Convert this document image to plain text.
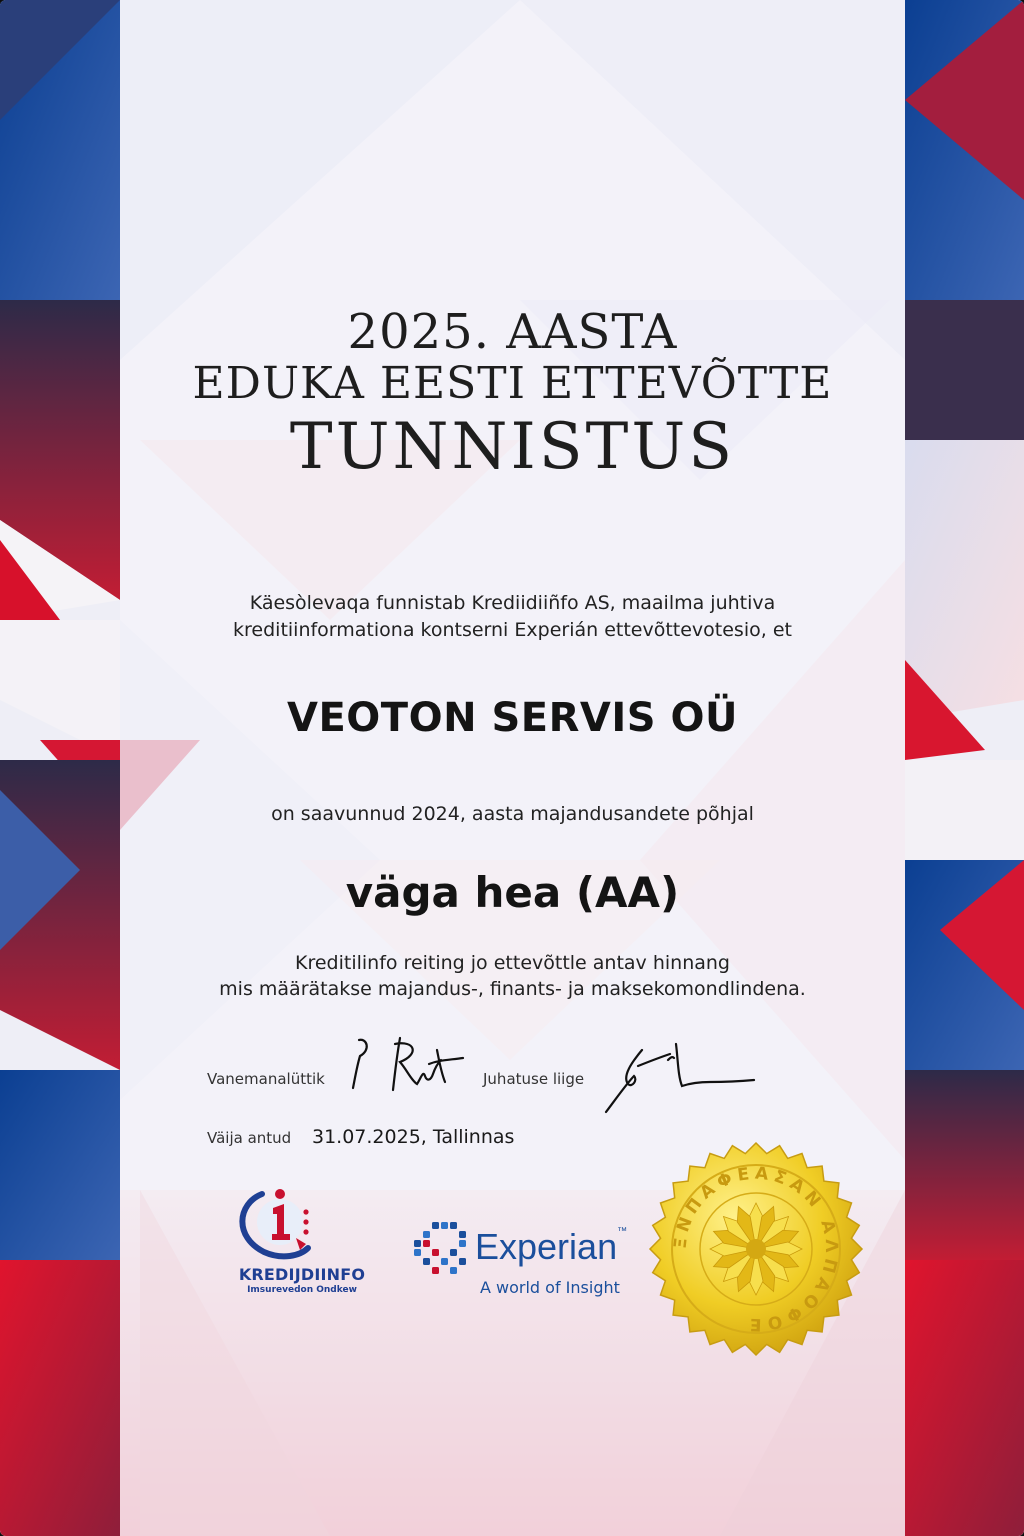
2025. AASTA
EDUKA EESTI ETTEVÕTTE
TUNNISTUS
Käesòlevaqa funnistab Krediidiiñfo AS, maailma juhtiva
kreditiinformationa kontserni Experián ettevõttevotesio, et
VEOTON SERVIS OÜ
on saavunnud 2024, aasta majandusandete põhjal
väga hea (AA)
Kreditilinfo reiting jo ettevõttle antav hinnang
mis määrätakse majandus-, finants- ja maksekomondlindena.
Vanemanalüttik	Juhatuse liige
Väija antud 31.07.2025, Tallinnas
KREDIJDIINFO
Imsurevedon Ondkew
Experian™
A world of Insight
ΞΝΠΑΦΕΑΣΑΝ ΑΛΠΑΟΦΟΕ
